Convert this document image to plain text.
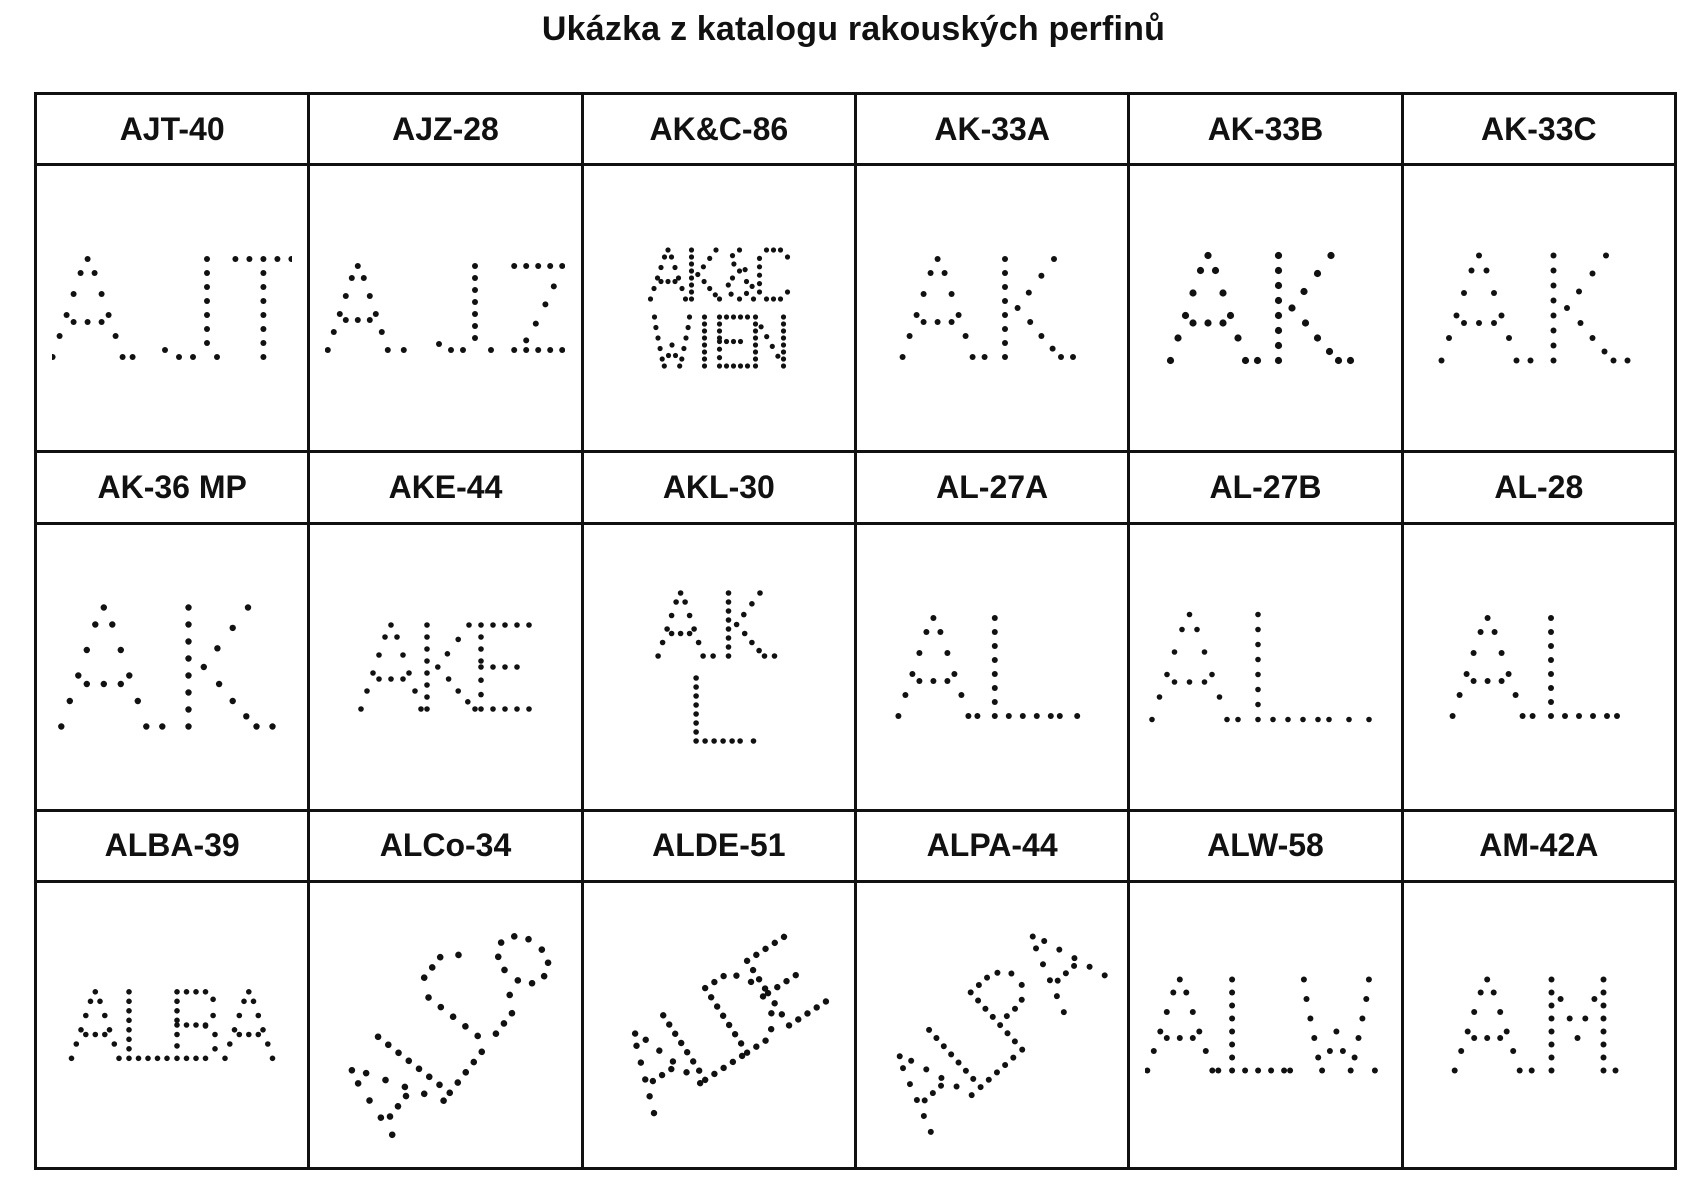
Ukázka z katalogu rakouských perfinů
AJT-40	AJZ-28	AK&C-86	AK-33A	AK-33B	AK-33C

AK-36 MP	AKE-44	AKL-30	AL-27A	AL-27B	AL-28

ALBA-39	ALCo-34	ALDE-51	ALPA-44	ALW-58	AM-42A
